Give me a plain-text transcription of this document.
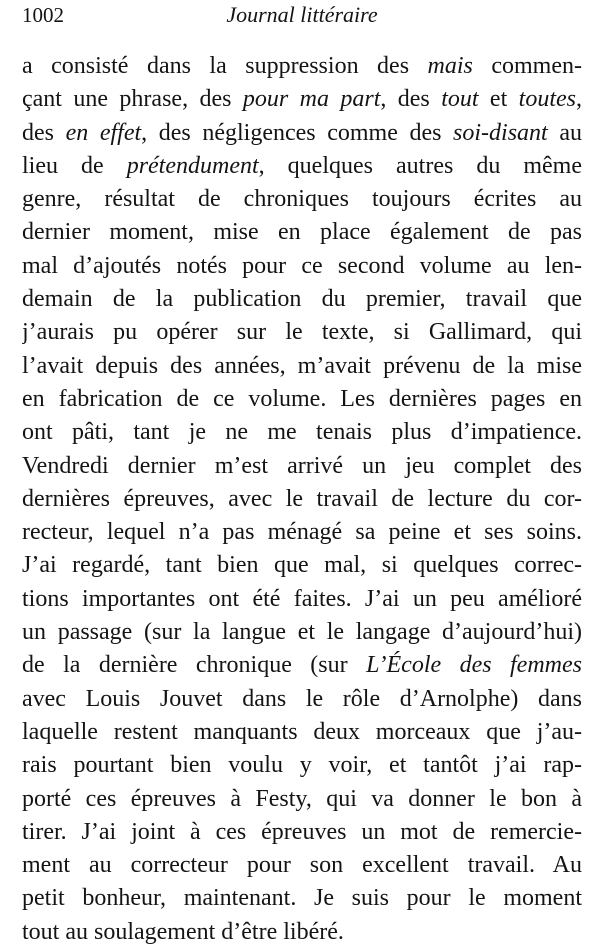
1002	Journal littéraire
a consisté dans la suppression des mais commen-
çant une phrase, des pour ma part, des tout et toutes,
des en effet, des négligences comme des soi-disant au
lieu de prétendument, quelques autres du même
genre, résultat de chroniques toujours écrites au
dernier moment, mise en place également de pas
mal d’ajoutés notés pour ce second volume au len-
demain de la publication du premier, travail que
j’aurais pu opérer sur le texte, si Gallimard, qui
l’avait depuis des années, m’avait prévenu de la mise
en fabrication de ce volume. Les dernières pages en
ont pâti, tant je ne me tenais plus d’impatience.
Vendredi dernier m’est arrivé un jeu complet des
dernières épreuves, avec le travail de lecture du cor-
recteur, lequel n’a pas ménagé sa peine et ses soins.
J’ai regardé, tant bien que mal, si quelques correc-
tions importantes ont été faites. J’ai un peu amélioré
un passage (sur la langue et le langage d’aujourd’hui)
de la dernière chronique (sur L’École des femmes
avec Louis Jouvet dans le rôle d’Arnolphe) dans
laquelle restent manquants deux morceaux que j’au-
rais pourtant bien voulu y voir, et tantôt j’ai rap-
porté ces épreuves à Festy, qui va donner le bon à
tirer. J’ai joint à ces épreuves un mot de remercie-
ment au correcteur pour son excellent travail. Au
petit bonheur, maintenant. Je suis pour le moment
tout au soulagement d’être libéré.
